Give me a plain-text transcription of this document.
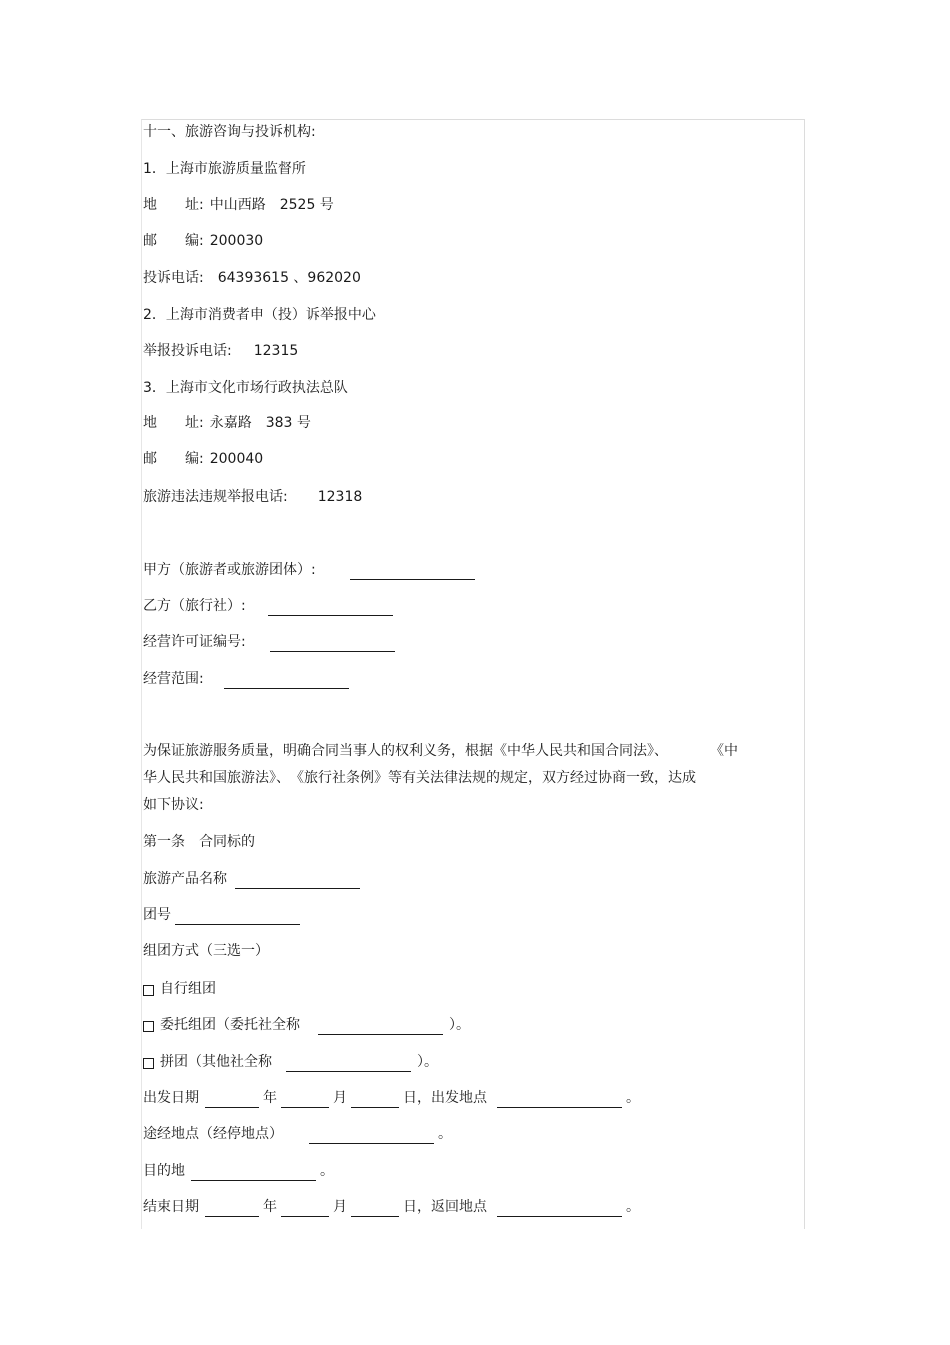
十一、旅游咨询与投诉机构:
1．上海市旅游质量监督所
地　　址: 中山西路　2525 号
邮　　编: 200030
投诉电话: 64393615 、962020
2．上海市消费者申（投）诉举报中心
举报投诉电话: 12315
3．上海市文化市场行政执法总队
地　　址: 永嘉路　383 号
邮　　编: 200040
旅游违法违规举报电话: 12318
甲方（旅游者或旅游团体）:
乙方（旅行社）:
经营许可证编号:
经营范围:
为保证旅游服务质量，明确合同当事人的权利义务，根据《中华人民共和国合同法》、　　　　《中
华人民共和国旅游法》、　《旅行社条例》等有关法律法规的规定，双方经过协商一致，达成
如下协议:
第一条　合同标的
旅游产品名称
团号
组团方式（三选一）
自行组团
委托组团（委托社全称	）。
拼团（其他社全称	）。
出发日期	年	月	日，出发地点	。
途经地点（经停地点）	。
目的地	。
结束日期	年	月	日，返回地点	。
